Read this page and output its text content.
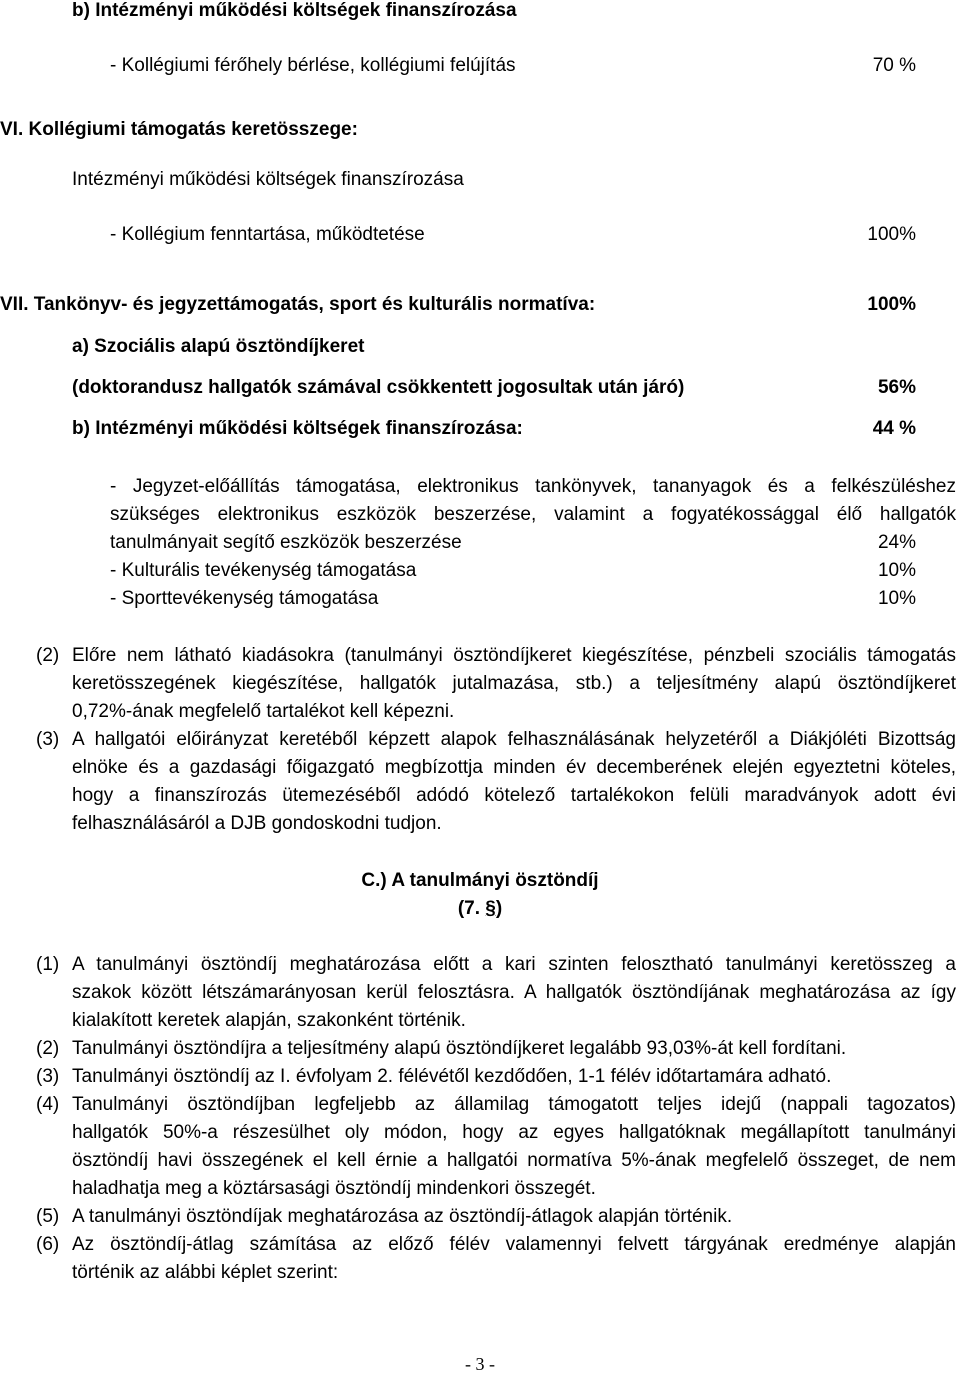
b) Intézményi működési költségek finanszírozása
- Kollégiumi férőhely bérlése, kollégiumi felújítás	70 %
VI. Kollégiumi támogatás keretösszege:
Intézményi működési költségek finanszírozása
- Kollégium fenntartása, működtetése	100%
VII. Tankönyv- és jegyzettámogatás, sport és kulturális normatíva:	100%
a) Szociális alapú ösztöndíjkeret
(doktorandusz hallgatók számával csökkentett jogosultak után járó)	56%
b) Intézményi működési költségek finanszírozása:	44 %
- Jegyzet-előállítás támogatása, elektronikus tankönyvek, tananyagok és a felkészüléshez
szükséges elektronikus eszközök beszerzése, valamint a fogyatékossággal élő hallgatók
tanulmányait segítő eszközök beszerzése	24%
- Kulturális tevékenység támogatása	10%
- Sporttevékenység támogatása	10%
(2) Előre nem látható kiadásokra (tanulmányi ösztöndíjkeret kiegészítése, pénzbeli szociális támogatás
keretösszegének kiegészítése, hallgatók jutalmazása, stb.) a teljesítmény alapú ösztöndíjkeret
0,72%-ának megfelelő tartalékot kell képezni.
(3) A hallgatói előirányzat keretéből képzett alapok felhasználásának helyzetéről a Diákjóléti Bizottság
elnöke és a gazdasági főigazgató megbízottja minden év decemberének elején egyeztetni köteles,
hogy a finanszírozás ütemezéséből adódó kötelező tartalékokon felüli maradványok adott évi
felhasználásáról a DJB gondoskodni tudjon.
C.) A tanulmányi ösztöndíj
(7. §)
(1) A tanulmányi ösztöndíj meghatározása előtt a kari szinten felosztható tanulmányi keretösszeg a
szakok között létszámarányosan kerül felosztásra. A hallgatók ösztöndíjának meghatározása az így
kialakított keretek alapján, szakonként történik.
(2) Tanulmányi ösztöndíjra a teljesítmény alapú ösztöndíjkeret legalább 93,03%-át kell fordítani.
(3) Tanulmányi ösztöndíj az I. évfolyam 2. félévétől kezdődően, 1-1 félév időtartamára adható.
(4) Tanulmányi ösztöndíjban legfeljebb az államilag támogatott teljes idejű (nappali tagozatos)
hallgatók 50%-a részesülhet oly módon, hogy az egyes hallgatóknak megállapított tanulmányi
ösztöndíj havi összegének el kell érnie a hallgatói normatíva 5%-ának megfelelő összeget, de nem
haladhatja meg a köztársasági ösztöndíj mindenkori összegét.
(5) A tanulmányi ösztöndíjak meghatározása az ösztöndíj-átlagok alapján történik.
(6) Az ösztöndíj-átlag számítása az előző félév valamennyi felvett tárgyának eredménye alapján
történik az alábbi képlet szerint:
- 3 -
